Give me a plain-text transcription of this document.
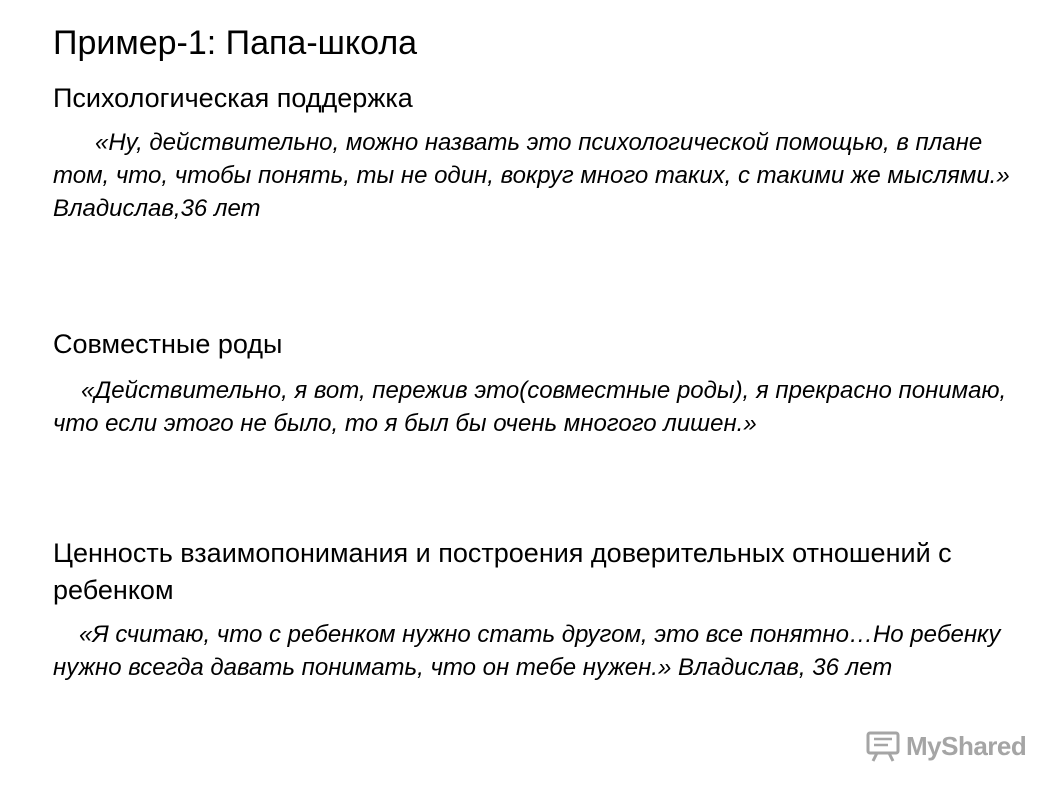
Пример-1: Папа-школа
Психологическая поддержка
«Ну, действительно, можно назвать это психологической помощью, в плане том, что, чтобы понять, ты не один, вокруг много таких, с такими же мыслями.» Владислав,36 лет
Совместные роды
«Действительно, я вот, пережив это(совместные роды), я прекрасно понимаю, что если этого не было, то я был бы очень многого лишен.»
Ценность взаимопонимания и построения доверительных отношений с ребенком
«Я считаю, что с ребенком нужно стать другом, это все понятно…Но ребенку нужно всегда давать понимать, что он тебе нужен.» Владислав, 36 лет
MyShared
